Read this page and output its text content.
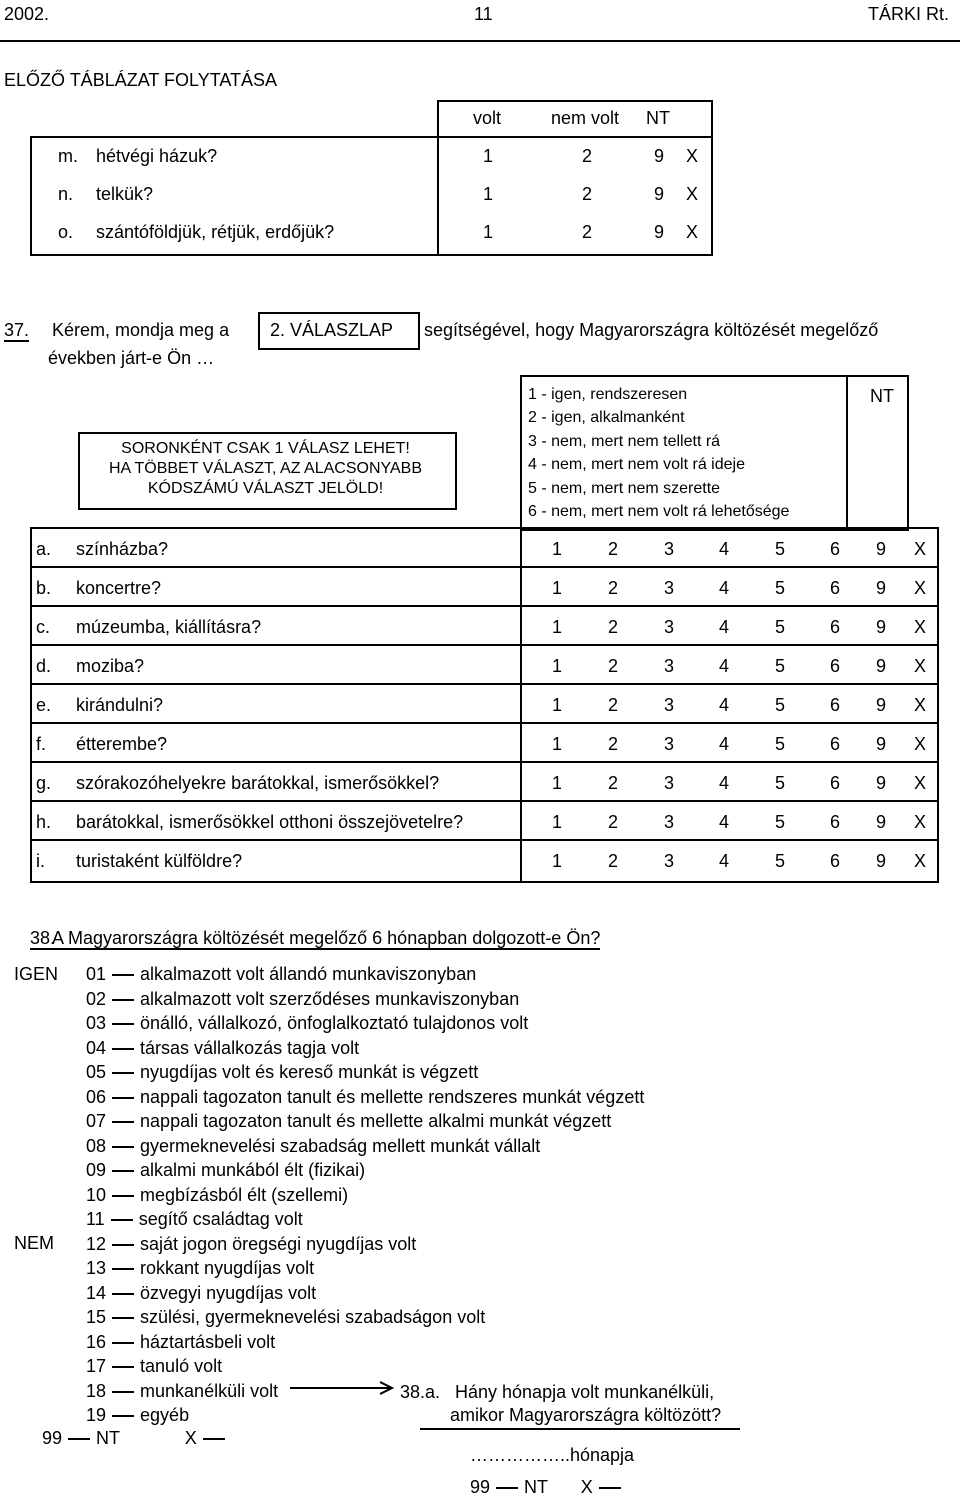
2002.	11	TÁRKI Rt.
ELŐZŐ TÁBLÁZAT FOLYTATÁSA
volt	nem volt NT
m. hétvégi házuk?	1	2	9 X
n. telkük?	1	2	9 X
o. szántóföldjük, rétjük, erdőjük?	1	2	9 X
37. Kérem, mondja meg a
években járt-e Ön …
2. VÁLASZLAP segítségével, hogy Magyarországra költözését megelőző
SORONKÉNT CSAK 1 VÁLASZ LEHET!
HA TÖBBET VÁLASZT, AZ ALACSONYABB
KÓDSZÁMÚ VÁLASZT JELÖLD!
1 - igen, rendszeresen
2 - igen, alkalmanként
3 - nem, mert nem tellett rá
4 - nem, mert nem volt rá ideje
5 - nem, mert nem szerette
6 - nem, mert nem volt rá lehetősége
NT
a. színházba?	1	2	3 4	5 6 9 X
b. koncertre?	1	2	3 4	5 6 9 X
c. múzeumba, kiállításra?	1	2	3 4	5 6 9 X
d. moziba?	1	2	3 4	5 6 9 X
e. kirándulni?	1	2	3 4	5 6 9 X
f. étterembe?	1	2	3 4	5 6 9 X
g. szórakozóhelyekre barátokkal, ismerősökkel?	1	2	3 4	5 6 9 X
h. barátokkal, ismerősökkel otthoni összejövetelre?	1	2	3 4	5 6 9 X
i. turistaként külföldre?	1	2	3 4	5 6 9 X
38.
A Magyarországra költözését megelőző 6 hónapban dolgozott-e Ön?
IGEN
NEM
01 alkalmazott volt állandó munkaviszonyban
02 alkalmazott volt szerződéses munkaviszonyban
03 önálló, vállalkozó, önfoglalkoztató tulajdonos volt
04 társas vállalkozás tagja volt
05 nyugdíjas volt és kereső munkát is végzett
06 nappali tagozaton tanult és mellette rendszeres munkát végzett
07 nappali tagozaton tanult és mellette alkalmi munkát végzett
08 gyermeknevelési szabadság mellett munkát vállalt
09 alkalmi munkából élt (fizikai)
10 megbízásból élt (szellemi)
11 segítő családtag volt
12 saját jogon öregségi nyugdíjas volt
13 rokkant nyugdíjas volt
14 özvegyi nyugdíjas volt
15 szülési, gyermeknevelési szabadságon volt
16 háztartásbeli volt
17 tanuló volt
18 munkanélküli volt
19 egyéb
99 NT	X
38.a. Hány hónapja volt munkanélküli,
amikor Magyarországra költözött?
……………..hónapja
99 NT X
